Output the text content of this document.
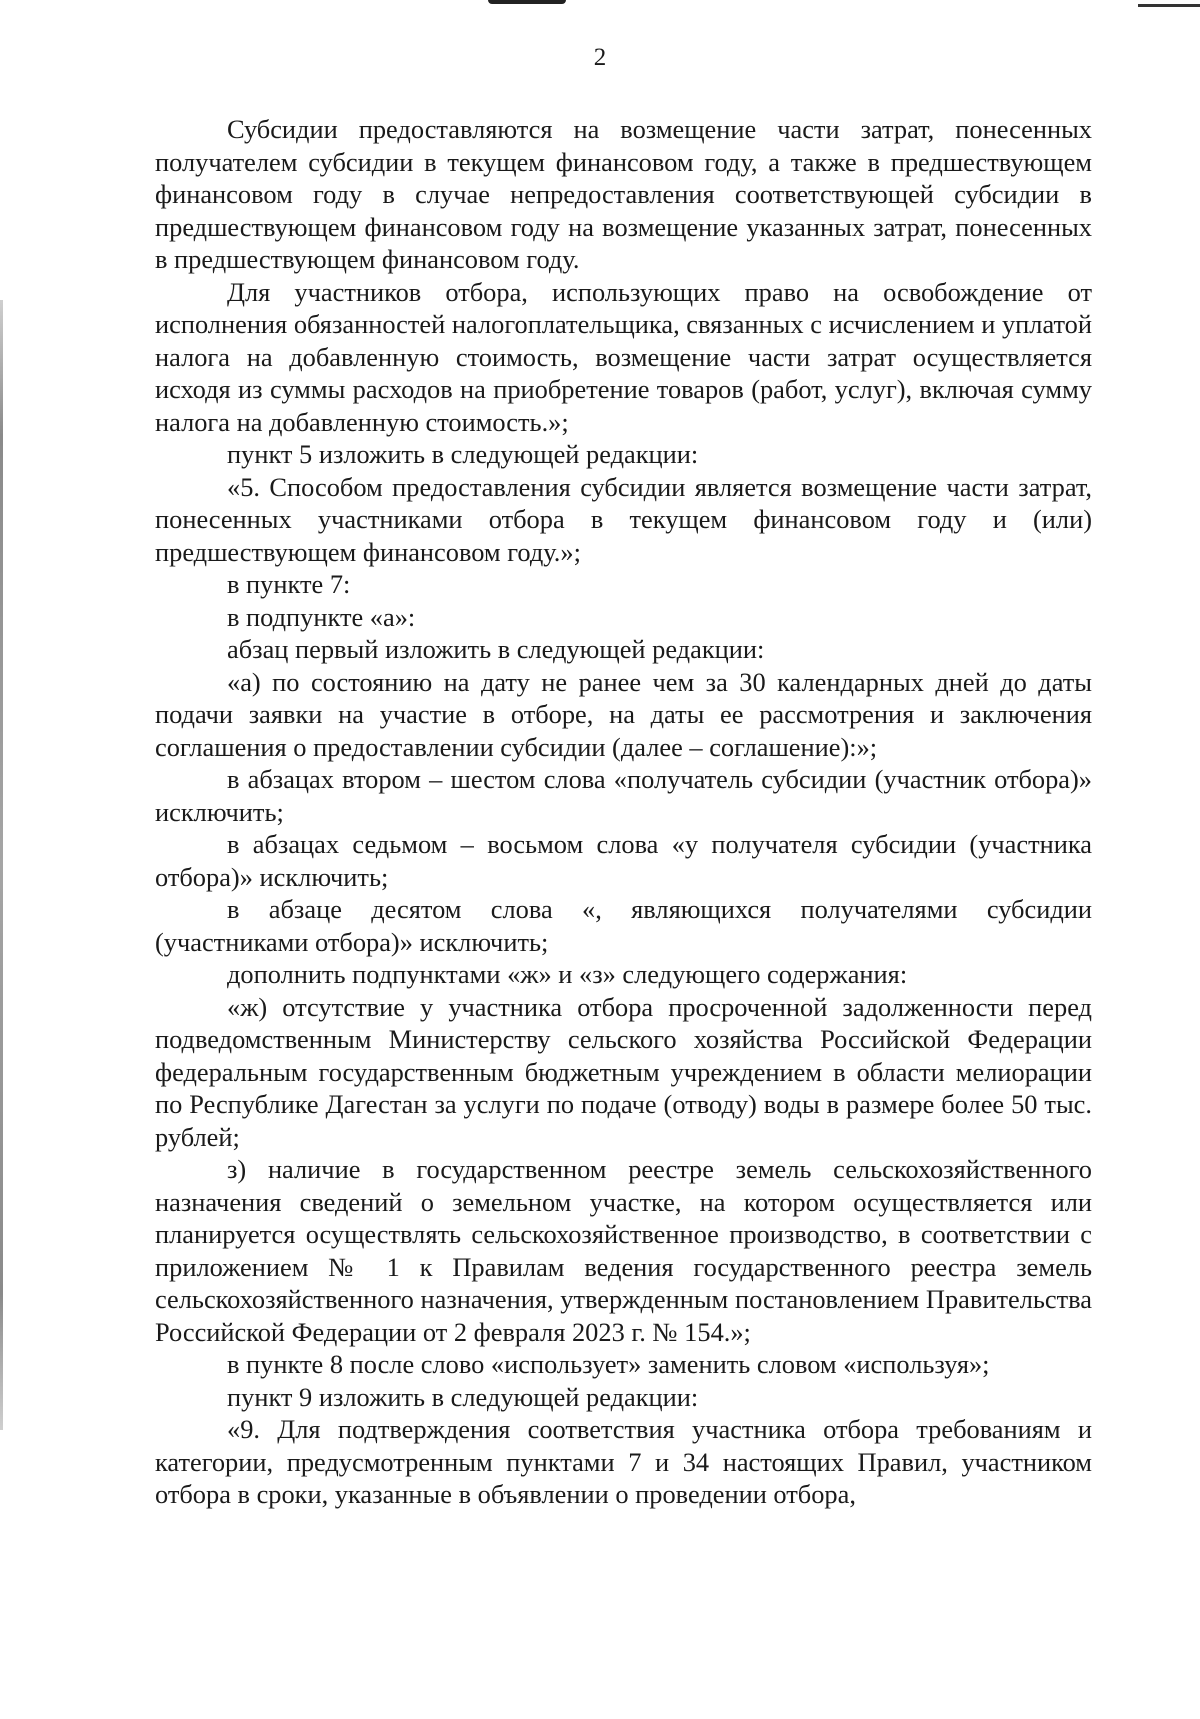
2

Субсидии предоставляются на возмещение части затрат, понесенных получателем субсидии в текущем финансовом году, а также в предшествующем финансовом году в случае непредоставления соответствующей субсидии в предшествующем финансовом году на возмещение указанных затрат, понесенных в предшествующем финансовом году.

Для участников отбора, использующих право на освобождение от исполнения обязанностей налогоплательщика, связанных с исчислением и уплатой налога на добавленную стоимость, возмещение части затрат осуществляется исходя из суммы расходов на приобретение товаров (работ, услуг), включая сумму налога на добавленную стоимость.»;

пункт 5 изложить в следующей редакции:

«5. Способом предоставления субсидии является возмещение части затрат, понесенных участниками отбора в текущем финансовом году и (или) предшествующем финансовом году.»;

в пункте 7:

в подпункте «а»:

абзац первый изложить в следующей редакции:

«а) по состоянию на дату не ранее чем за 30 календарных дней до даты подачи заявки на участие в отборе, на даты ее рассмотрения и заключения соглашения о предоставлении субсидии (далее – соглашение):»;

в абзацах втором – шестом слова «получатель субсидии (участник отбора)» исключить;

в абзацах седьмом – восьмом слова «у получателя субсидии (участника отбора)» исключить;

в абзаце десятом слова «, являющихся получателями субсидии (участниками отбора)» исключить;

дополнить подпунктами «ж» и «з» следующего содержания:

«ж) отсутствие у участника отбора просроченной задолженности перед подведомственным Министерству сельского хозяйства Российской Федерации федеральным государственным бюджетным учреждением в области мелиорации по Республике Дагестан за услуги по подаче (отводу) воды в размере более 50 тыс. рублей;

з) наличие в государственном реестре земель сельскохозяйственного назначения сведений о земельном участке, на котором осуществляется или планируется осуществлять сельскохозяйственное производство, в соответствии с приложением № 1 к Правилам ведения государственного реестра земель сельскохозяйственного назначения, утвержденным постановлением Правительства Российской Федерации от 2 февраля 2023 г. № 154.»;

в пункте 8 после слово «использует» заменить словом «используя»;

пункт 9 изложить в следующей редакции:

«9. Для подтверждения соответствия участника отбора требованиям и категории, предусмотренным пунктами 7 и 34 настоящих Правил, участником отбора в сроки, указанные в объявлении о проведении отбора,
